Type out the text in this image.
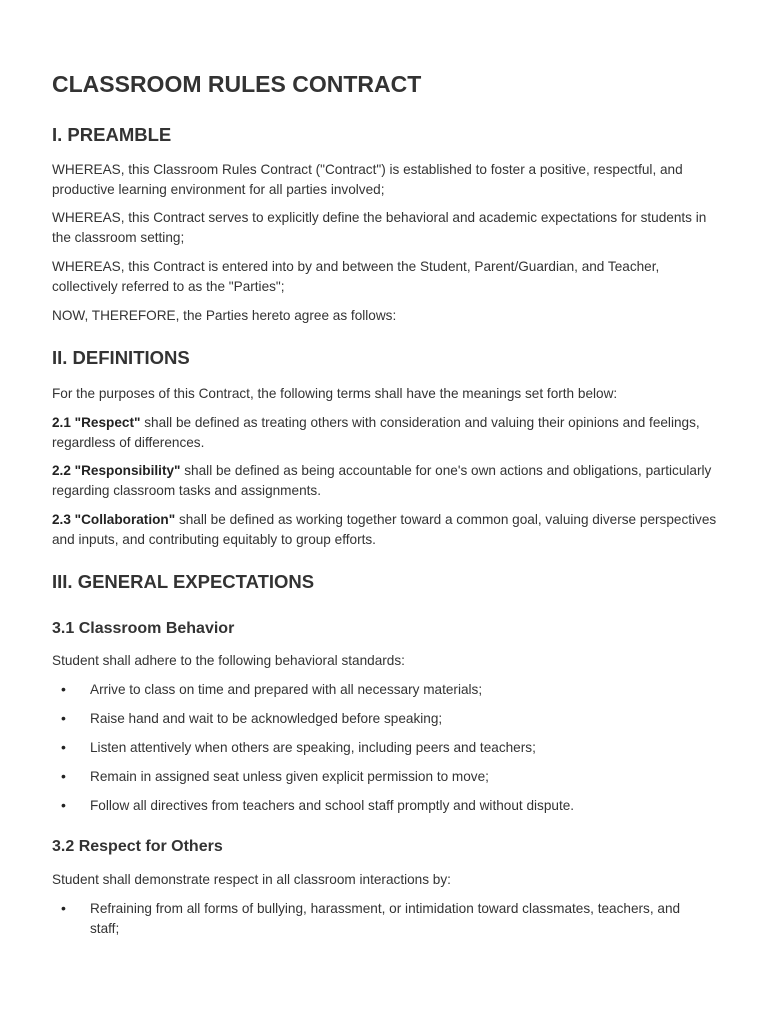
CLASSROOM RULES CONTRACT
I. PREAMBLE

WHEREAS, this Classroom Rules Contract ("Contract") is established to foster a positive, respectful, and productive learning environment for all parties involved;

WHEREAS, this Contract serves to explicitly define the behavioral and academic expectations for students in the classroom setting;

WHEREAS, this Contract is entered into by and between the Student, Parent/Guardian, and Teacher, collectively referred to as the "Parties";

NOW, THEREFORE, the Parties hereto agree as follows:

II. DEFINITIONS

For the purposes of this Contract, the following terms shall have the meanings set forth below:

2.1 "Respect" shall be defined as treating others with consideration and valuing their opinions and feelings, regardless of differences.

2.2 "Responsibility" shall be defined as being accountable for one's own actions and obligations, particularly regarding classroom tasks and assignments.

2.3 "Collaboration" shall be defined as working together toward a common goal, valuing diverse perspectives and inputs, and contributing equitably to group efforts.

III. GENERAL EXPECTATIONS
3.1 Classroom Behavior

Student shall adhere to the following behavioral standards:

• Arrive to class on time and prepared with all necessary materials;
• Raise hand and wait to be acknowledged before speaking;
• Listen attentively when others are speaking, including peers and teachers;
• Remain in assigned seat unless given explicit permission to move;
• Follow all directives from teachers and school staff promptly and without dispute.
3.2 Respect for Others

Student shall demonstrate respect in all classroom interactions by:

• Refraining from all forms of bullying, harassment, or intimidation toward classmates, teachers, and staff;
